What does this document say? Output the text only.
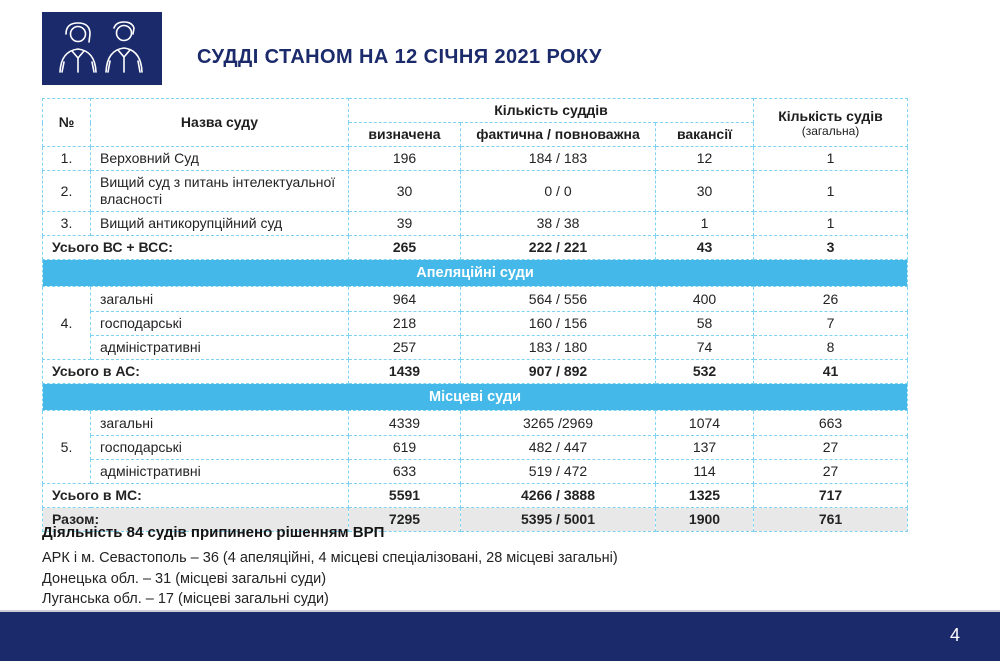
СУДДІ СТАНОМ НА 12 СІЧНЯ 2021 РОКУ
№	Назва суду	Кількість суддів			Кількість судів
(загальна)

		визначена	фактична / повноважна	вакансії	
1.	Верховний Суд	196	184 / 183	12	1
2.	Вищий суд з питань інтелектуальної власності	30	0 / 0	30	1
3.	Вищий антикорупційний суд	39	38 / 38	1	1
Усього ВС + ВСС:		265	222 / 221	43	3
Апеляційні суди					
4.	загальні	964	564 / 556	400	26
	господарські	218	160 / 156	58	7
	адміністративні	257	183 / 180	74	8
Усього в АС:		1439	907 / 892	532	41
Місцеві суди					
5.	загальні	4339	3265 /2969	1074	663
	господарські	619	482 / 447	137	27
	адміністративні	633	519 / 472	114	27
Усього в МС:		5591	4266 / 3888	1325	717
Разом:		7295	5395 / 5001	1900	761
Діяльність 84 судів припинено рішенням ВРП
АРК і м. Севастополь – 36 (4 апеляційні, 4 місцеві спеціалізовані, 28 місцеві загальні)
Донецька обл. – 31 (місцеві загальні суди)
Луганська обл. – 17 (місцеві загальні суди)
4
